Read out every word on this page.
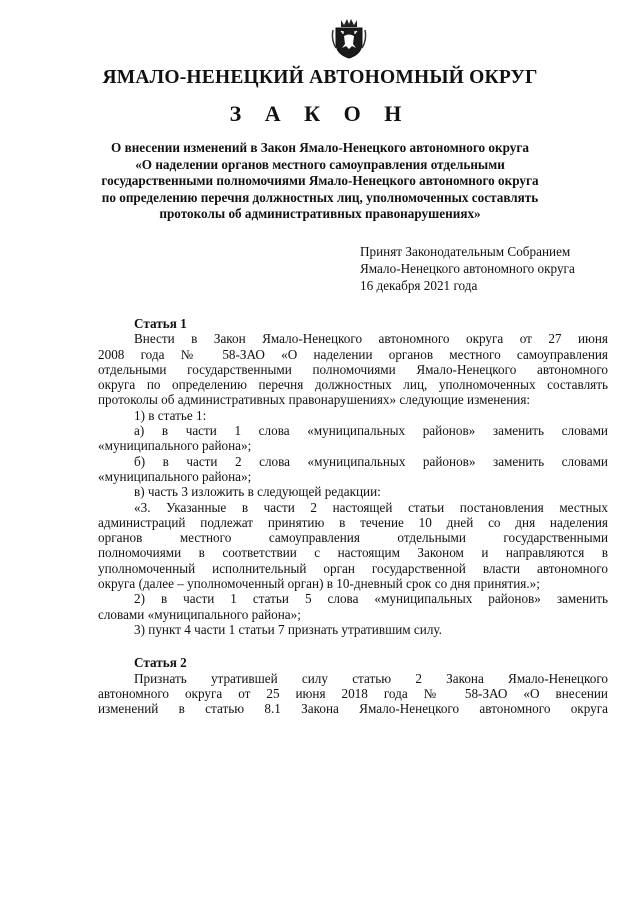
ЯМАЛО-НЕНЕЦКИЙ АВТОНОМНЫЙ ОКРУГ
З А К О Н
О внесении изменений в Закон Ямало-Ненецкого автономного округа
«О наделении органов местного самоуправления отдельными
государственными полномочиями Ямало-Ненецкого автономного округа
по определению перечня должностных лиц, уполномоченных составлять
протоколы об административных правонарушениях»
Принят Законодательным Собранием
Ямало-Ненецкого автономного округа
16 декабря 2021 года
Статья 1
Внести в Закон Ямало-Ненецкого автономного округа от 27 июня
2008 года № 58-ЗАО «О наделении органов местного самоуправления
отдельными государственными полномочиями Ямало-Ненецкого автономного
округа по определению перечня должностных лиц, уполномоченных составлять
протоколы об административных правонарушениях» следующие изменения:
1) в статье 1:
а) в части 1 слова «муниципальных районов» заменить словами
«муниципального района»;
б) в части 2 слова «муниципальных районов» заменить словами
«муниципального района»;
в) часть 3 изложить в следующей редакции:
«3. Указанные в части 2 настоящей статьи постановления местных
администраций подлежат принятию в течение 10 дней со дня наделения
органов местного самоуправления отдельными государственными
полномочиями в соответствии с настоящим Законом и направляются в
уполномоченный исполнительный орган государственной власти автономного
округа (далее – уполномоченный орган) в 10-дневный срок со дня принятия.»;
2) в части 1 статьи 5 слова «муниципальных районов» заменить
словами «муниципального района»;
3) пункт 4 части 1 статьи 7 признать утратившим силу.
Статья 2
Признать утратившей силу статью 2 Закона Ямало-Ненецкого
автономного округа от 25 июня 2018 года № 58-ЗАО «О внесении
изменений в статью 8.1 Закона Ямало-Ненецкого автономного округа
